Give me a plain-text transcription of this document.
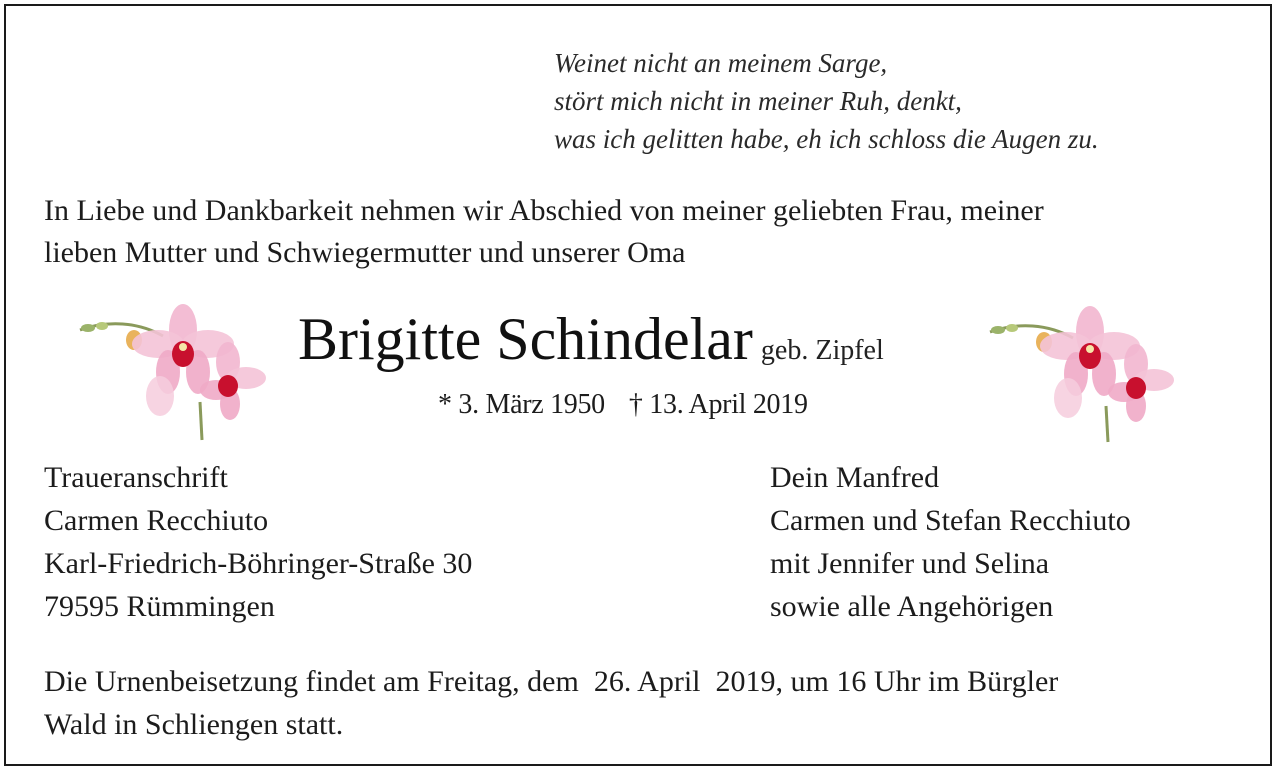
Weinet nicht an meinem Sarge,
stört mich nicht in meiner Ruh, denkt,
was ich gelitten habe, eh ich schloss die Augen zu.
In Liebe und Dankbarkeit nehmen wir Abschied von meiner geliebten Frau, meiner
lieben Mutter und Schwiegermutter und unserer Oma
Brigitte Schindelar geb. Zipfel
* 3. März 1950 † 13. April 2019
Traueranschrift
Carmen Recchiuto
Karl-Friedrich-Böhringer-Straße 30
79595 Rümmingen
Dein Manfred
Carmen und Stefan Recchiuto
mit Jennifer und Selina
sowie alle Angehörigen
Die Urnenbeisetzung findet am Freitag, dem  26. April  2019, um 16 Uhr im Bürgler
Wald in Schliengen statt.
